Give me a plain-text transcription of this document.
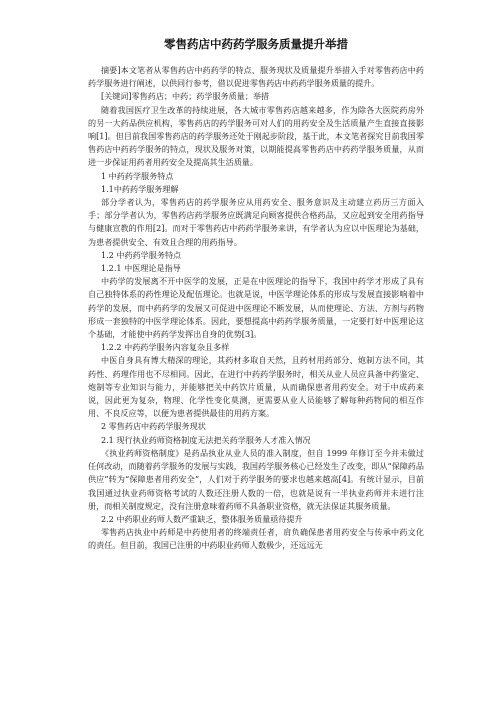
零售药店中药药学服务质量提升举措

摘要]本文笔者从零售药店中药药学的特点、服务现状及质量提升举措入手对零售药店中药药学服务进行阐述，以供同行参考，借以促进零售药店中药药学服务质量的提升。

[关键词]零售药店；中药；药学服务质量；举措

随着我国医疗卫生改革的持续进展，各大城市零售药店越来越多，作为除各大医院药房外的另一大药品供应机构，零售药店的药学服务可对人们的用药安全及生活质量产生直接直接影响[1]。但目前我国零售药店的药学服务还处于刚起步阶段，基于此，本文笔者探究目前我国零售药店中药药学服务的特点，现状及服务对策，以期能提高零售药店中药药学服务质量，从而进一步保证用药者用药安全及提高其生活质量。

1 中药药学服务特点

1.1中药药学服务理解

部分学者认为，零售药店的药学服务应从用药安全、服务意识及主动建立药历三方面入手；部分学者认为，零售药店药学服务应既满足向顾客提供合格药品，又应起到安全用药指导与健康宣教的作用[2]。而对于零售药店中药药学服务来讲，有学者认为应以中医理论为基础，为患者提供安全、有效且合理的用药指导。

1.2 中药药学服务特点

1.2.1 中医理论是指导

中药学的发展离不开中医学的发展，正是在中医理论的指导下，我国中药学才形成了具有自己独特体系的药性理论及配伍理论。也就是说，中医学理论体系的形成与发展直接影响着中药学的发展，而中药药学的发展又可促进中医理论不断发展，从而使理论、方法、方剂与药物形成一套独特的中医学理论体系。因此，要想提高中药药学服务质量，一定要打好中医理论这个基础，才能使中药药学发挥出自身的优势[3]。

1.2.2 中药药学服务内容复杂且多样

中医自身具有博大精深的理论，其药材多取自天然，且药材用药部分、炮制方法不同，其药性、药理作用也不尽相同。因此，在进行中药药学服务时，相关从业人员应具备中药鉴定、炮制等专业知识与能力，并能够把关中药饮片质量，从而确保患者用药安全。对于中成药来说，因此更为复杂，物理、化学性变化莫测，更需要从业人员能够了解每种药物间的相互作用、不良反应等，以便为患者提供最佳的用药方案。

2 零售药店中药药学服务现状

2.1 现行执业药师资格制度无法把关药学服务人才准入情况

《执业药师资格制度》是药品执业从业人员的准入制度，但自 1999 年修订至今并未做过任何改动，而随着药学服务的发展与实践，我国药学服务核心已经发生了改变，即从“保障药品供应”转为“保障患者用药安全”，人们对于药学服务的要求也越来越高[4]。有统计显示，目前我国通过执业药师资格考试的人数还注册人数的一倍，也就是说有一半执业药师并未进行注册，而相关制度规定，没有注册意味着药师不具备职业资格，就无法保证其服务质量。

2.2 中药职业药师人数严重缺乏，整体服务质量亟待提升

零售药店执业中药师是中药使用者的终端责任者，肩负确保患者用药安全与传承中药文化的责任。但目前，我国已注册的中药职业药师人数极少，还远远无
